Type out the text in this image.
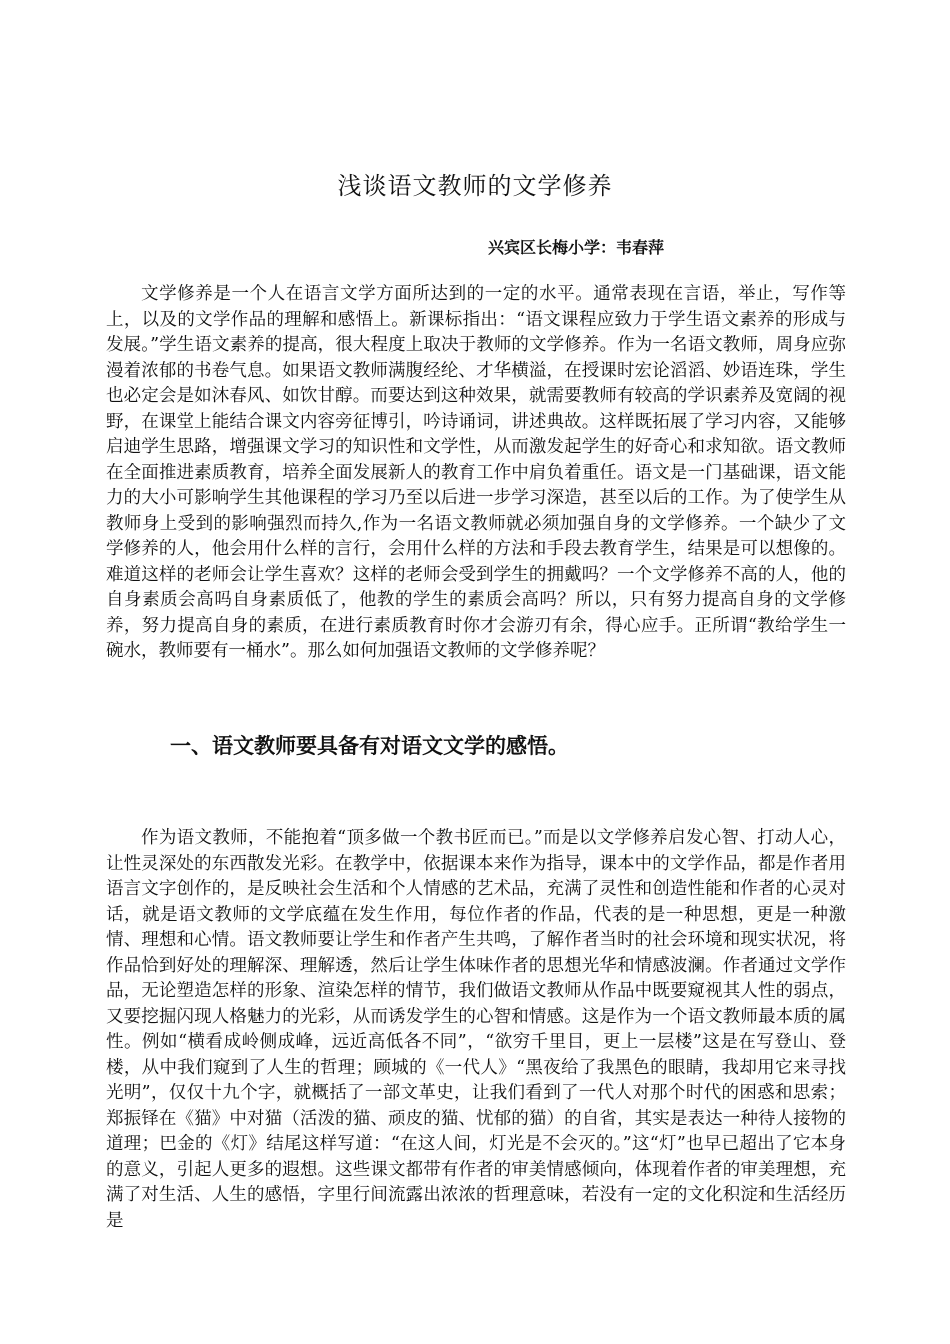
浅谈语文教师的文学修养
兴宾区长梅小学：韦春萍

文学修养是一个人在语言文学方面所达到的一定的水平。通常表现在言语，举止，写作等上，以及的文学作品的理解和感悟上。新课标指出：“语文课程应致力于学生语文素养的形成与发展。”学生语文素养的提高，很大程度上取决于教师的文学修养。作为一名语文教师，周身应弥漫着浓郁的书卷气息。如果语文教师满腹经纶、才华横溢，在授课时宏论滔滔、妙语连珠，学生也必定会是如沐春风、如饮甘醇。而要达到这种效果，就需要教师有较高的学识素养及宽阔的视野，在课堂上能结合课文内容旁征博引，吟诗诵词，讲述典故。这样既拓展了学习内容，又能够启迪学生思路，增强课文学习的知识性和文学性，从而激发起学生的好奇心和求知欲。语文教师在全面推进素质教育，培养全面发展新人的教育工作中肩负着重任。语文是一门基础课，语文能力的大小可影响学生其他课程的学习乃至以后进一步学习深造，甚至以后的工作。为了使学生从教师身上受到的影响强烈而持久,作为一名语文教师就必须加强自身的文学修养。一个缺少了文学修养的人，他会用什么样的言行，会用什么样的方法和手段去教育学生，结果是可以想像的。难道这样的老师会让学生喜欢？这样的老师会受到学生的拥戴吗？一个文学修养不高的人，他的自身素质会高吗自身素质低了，他教的学生的素质会高吗？所以，只有努力提高自身的文学修养，努力提高自身的素质，在进行素质教育时你才会游刃有余，得心应手。正所谓“教给学生一碗水，教师要有一桶水”。那么如何加强语文教师的文学修养呢？

一、语文教师要具备有对语文文学的感悟。

作为语文教师，不能抱着“顶多做一个教书匠而已。”而是以文学修养启发心智、打动人心，让性灵深处的东西散发光彩。在教学中，依据课本来作为指导，课本中的文学作品，都是作者用语言文字创作的，是反映社会生活和个人情感的艺术品，充满了灵性和创造性能和作者的心灵对话，就是语文教师的文学底蕴在发生作用，每位作者的作品，代表的是一种思想，更是一种激情、理想和心情。语文教师要让学生和作者产生共鸣，了解作者当时的社会环境和现实状况，将作品恰到好处的理解深、理解透，然后让学生体味作者的思想光华和情感波澜。作者通过文学作品，无论塑造怎样的形象、渲染怎样的情节，我们做语文教师从作品中既要窥视其人性的弱点，又要挖掘闪现人格魅力的光彩，从而诱发学生的心智和情感。这是作为一个语文教师最本质的属性。例如“横看成岭侧成峰，远近高低各不同”，“欲穷千里目，更上一层楼”这是在写登山、登楼，从中我们窥到了人生的哲理；顾城的《一代人》“黑夜给了我黑色的眼睛，我却用它来寻找光明”，仅仅十九个字，就概括了一部文革史，让我们看到了一代人对那个时代的困惑和思索；郑振铎在《猫》中对猫（活泼的猫、顽皮的猫、忧郁的猫）的自省，其实是表达一种待人接物的道理；巴金的《灯》结尾这样写道：“在这人间，灯光是不会灭的。”这“灯”也早已超出了它本身的意义，引起人更多的遐想。这些课文都带有作者的审美情感倾向，体现着作者的审美理想，充满了对生活、人生的感悟，字里行间流露出浓浓的哲理意味，若没有一定的文化积淀和生活经历是
